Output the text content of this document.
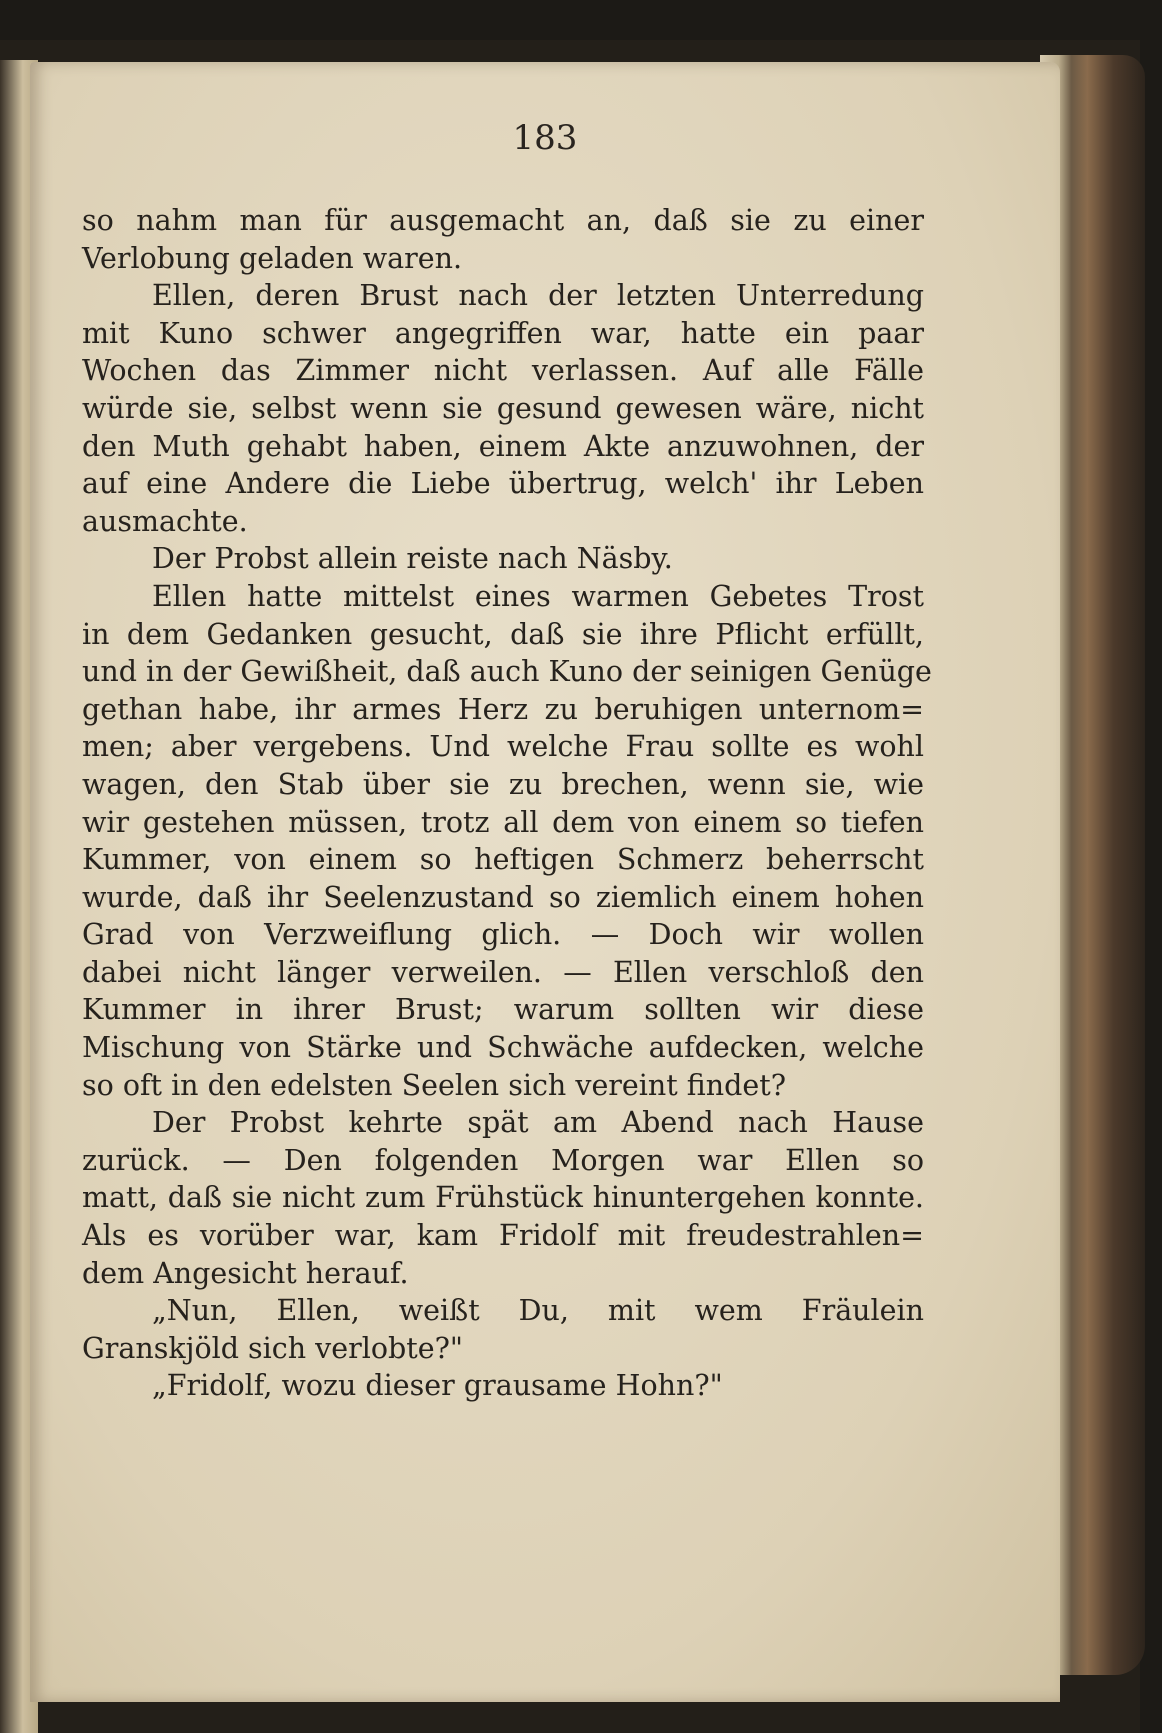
183
so nahm man für ausgemacht an, daß sie zu einer
Verlobung geladen waren.
Ellen, deren Brust nach der letzten Unterredung
mit Kuno schwer angegriffen war, hatte ein paar
Wochen das Zimmer nicht verlassen. Auf alle Fälle
würde sie, selbst wenn sie gesund gewesen wäre, nicht
den Muth gehabt haben, einem Akte anzuwohnen, der
auf eine Andere die Liebe übertrug, welch' ihr Leben
ausmachte.
Der Probst allein reiste nach Näsby.
Ellen hatte mittelst eines warmen Gebetes Trost
in dem Gedanken gesucht, daß sie ihre Pflicht erfüllt,
und in der Gewißheit, daß auch Kuno der seinigen Genüge
gethan habe, ihr armes Herz zu beruhigen unternom=
men; aber vergebens. Und welche Frau sollte es wohl
wagen, den Stab über sie zu brechen, wenn sie, wie
wir gestehen müssen, trotz all dem von einem so tiefen
Kummer, von einem so heftigen Schmerz beherrscht
wurde, daß ihr Seelenzustand so ziemlich einem hohen
Grad von Verzweiflung glich. — Doch wir wollen
dabei nicht länger verweilen. — Ellen verschloß den
Kummer in ihrer Brust; warum sollten wir diese
Mischung von Stärke und Schwäche aufdecken, welche
so oft in den edelsten Seelen sich vereint findet?
Der Probst kehrte spät am Abend nach Hause
zurück. — Den folgenden Morgen war Ellen so
matt, daß sie nicht zum Frühstück hinuntergehen konnte.
Als es vorüber war, kam Fridolf mit freudestrahlen=
dem Angesicht herauf.
„Nun, Ellen, weißt Du, mit wem Fräulein
Granskjöld sich verlobte?"
„Fridolf, wozu dieser grausame Hohn?"
